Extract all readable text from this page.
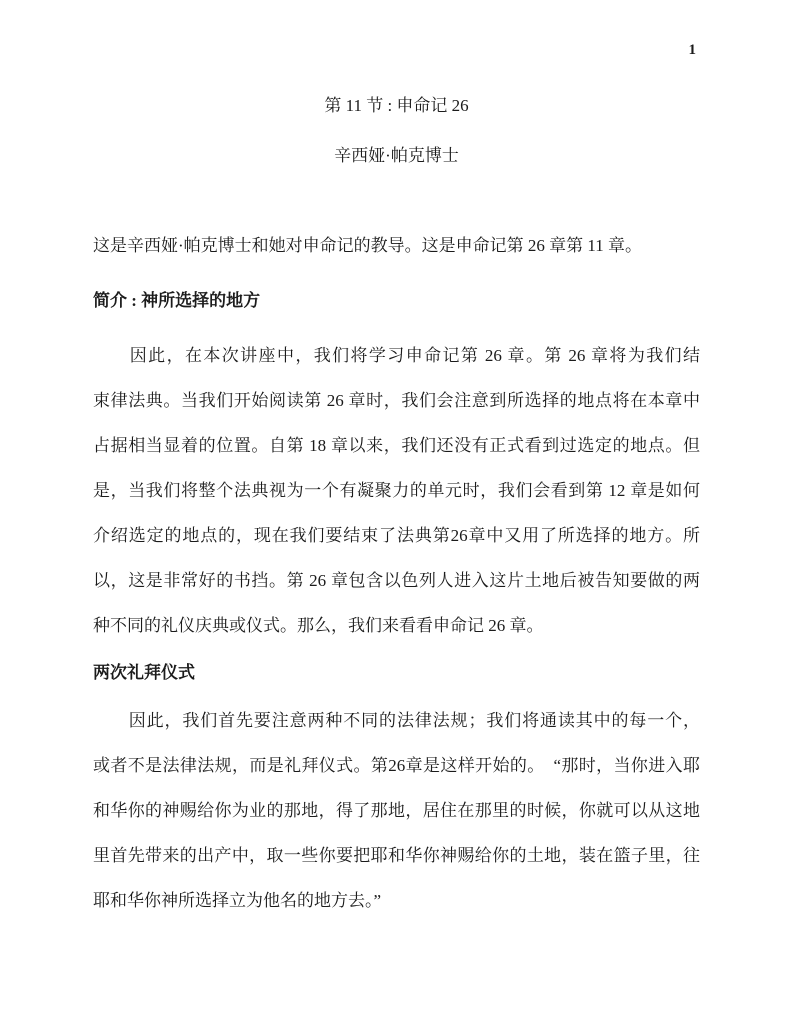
1
第 11 节 : 申命记 26
辛西娅·帕克博士
这是辛西娅·帕克博士和她对申命记的教导。这是申命记第 26 章第 11 章。
简介 : 神所选择的地方
　　因此，在本次讲座中，我们将学习申命记第 26 章。第 26 章将为我们结
束律法典。当我们开始阅读第 26 章时，我们会注意到所选择的地点将在本章中
占据相当显着的位置。自第 18 章以来，我们还没有正式看到过选定的地点。但
是，当我们将整个法典视为一个有凝聚力的单元时，我们会看到第 12 章是如何
介绍选定的地点的，现在我们要结束了法典第26章中又用了所选择的地方。所
以，这是非常好的书挡。第 26 章包含以色列人进入这片土地后被告知要做的两
种不同的礼仪庆典或仪式。那么，我们来看看申命记 26 章。
两次礼拜仪式
　　因此，我们首先要注意两种不同的法律法规；我们将通读其中的每一个，
或者不是法律法规，而是礼拜仪式。第26章是这样开始的。　“那时，当你进入耶
和华你的神赐给你为业的那地，得了那地，居住在那里的时候，你就可以从这地
里首先带来的出产中，取一些你要把耶和华你神赐给你的土地，装在篮子里，往
耶和华你神所选择立为他名的地方去。”
